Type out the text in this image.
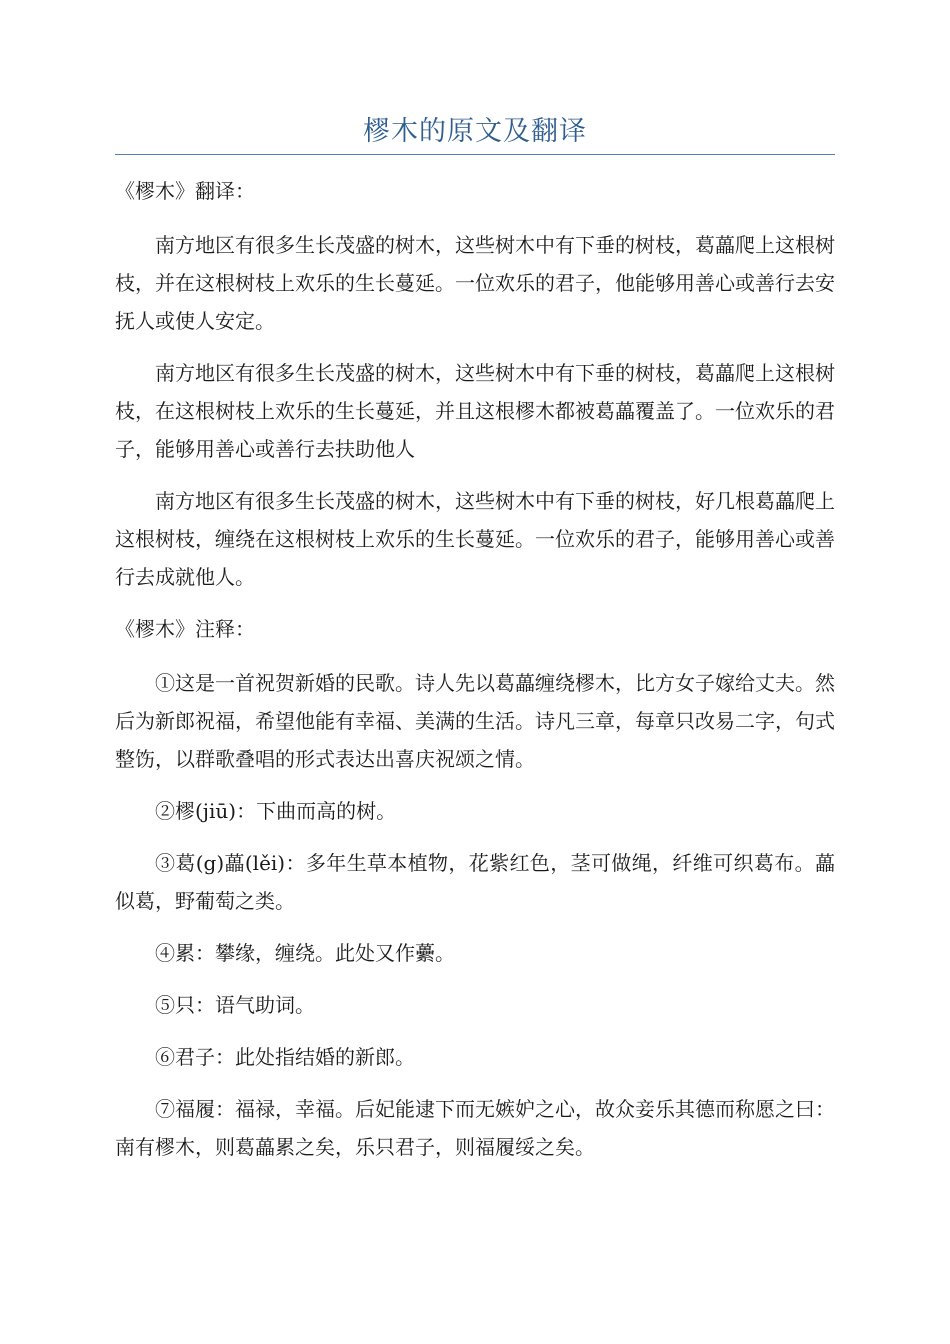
樛木的原文及翻译

《樛木》翻译：

南方地区有很多生长茂盛的树木，这些树木中有下垂的树枝，葛藟爬上这根树枝，并在这根树枝上欢乐的生长蔓延。一位欢乐的君子，他能够用善心或善行去安抚人或使人安定。

南方地区有很多生长茂盛的树木，这些树木中有下垂的树枝，葛藟爬上这根树枝，在这根树枝上欢乐的生长蔓延，并且这根樛木都被葛藟覆盖了。一位欢乐的君子，能够用善心或善行去扶助他人

南方地区有很多生长茂盛的树木，这些树木中有下垂的树枝，好几根葛藟爬上这根树枝，缠绕在这根树枝上欢乐的生长蔓延。一位欢乐的君子，能够用善心或善行去成就他人。

《樛木》注释：

①这是一首祝贺新婚的民歌。诗人先以葛藟缠绕樛木，比方女子嫁给丈夫。然后为新郎祝福，希望他能有幸福、美满的生活。诗凡三章，每章只改易二字，句式整饬，以群歌叠唱的形式表达出喜庆祝颂之情。

②樛(jiū)：下曲而高的树。

③葛(g)藟(lěi)：多年生草本植物，花紫红色，茎可做绳，纤维可织葛布。藟似葛，野葡萄之类。

④累：攀缘，缠绕。此处又作虆。

⑤只：语气助词。

⑥君子：此处指结婚的新郎。

⑦福履：福禄，幸福。后妃能逮下而无嫉妒之心，故众妾乐其德而称愿之曰：南有樛木，则葛藟累之矣，乐只君子，则福履绥之矣。
